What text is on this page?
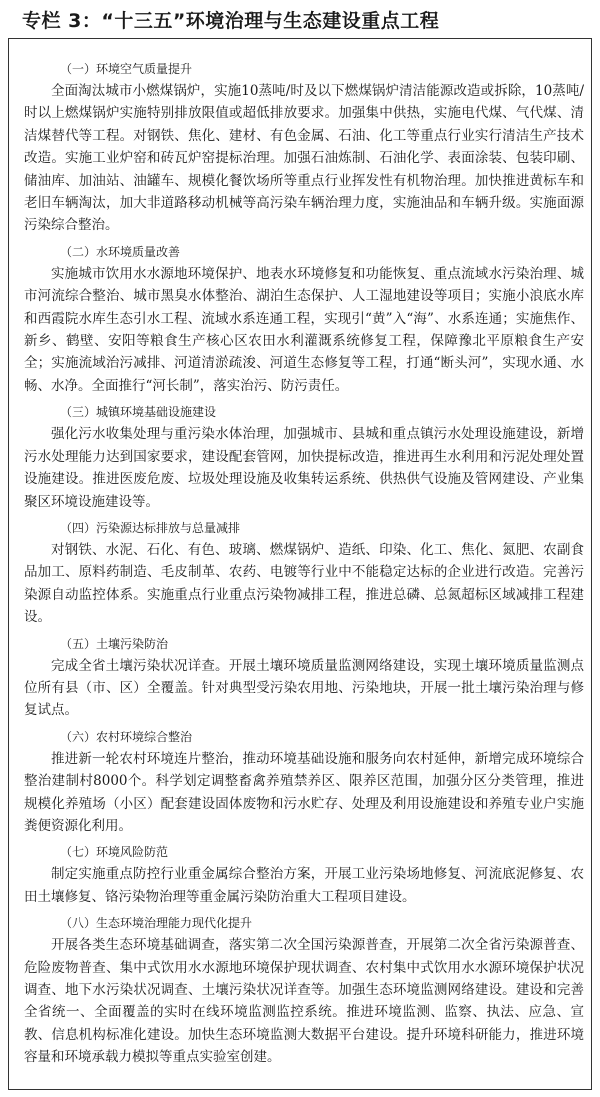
专栏 3：“十三五”环境治理与生态建设重点工程
（一）环境空气质量提升
全面淘汰城市小燃煤锅炉，实施10蒸吨/时及以下燃煤锅炉清洁能源改造或拆除，10蒸吨/时以上燃煤锅炉实施特别排放限值或超低排放要求。加强集中供热，实施电代煤、气代煤、清洁煤替代等工程。对钢铁、焦化、建材、有色金属、石油、化工等重点行业实行清洁生产技术改造。实施工业炉窑和砖瓦炉窑提标治理。加强石油炼制、石油化学、表面涂装、包装印刷、储油库、加油站、油罐车、规模化餐饮场所等重点行业挥发性有机物治理。加快推进黄标车和老旧车辆淘汰，加大非道路移动机械等高污染车辆治理力度，实施油品和车辆升级。实施面源污染综合整治。
（二）水环境质量改善
实施城市饮用水水源地环境保护、地表水环境修复和功能恢复、重点流域水污染治理、城市河流综合整治、城市黑臭水体整治、湖泊生态保护、人工湿地建设等项目；实施小浪底水库和西霞院水库生态引水工程、流域水系连通工程，实现引“黄”入“海”、水系连通；实施焦作、新乡、鹤壁、安阳等粮食生产核心区农田水利灌溉系统修复工程，保障豫北平原粮食生产安全；实施流域治污减排、河道清淤疏浚、河道生态修复等工程，打通“断头河”，实现水通、水畅、水净。全面推行“河长制”，落实治污、防污责任。
（三）城镇环境基础设施建设
强化污水收集处理与重污染水体治理，加强城市、县城和重点镇污水处理设施建设，新增污水处理能力达到国家要求，建设配套管网，加快提标改造，推进再生水利用和污泥处理处置设施建设。推进医废危废、垃圾处理设施及收集转运系统、供热供气设施及管网建设、产业集聚区环境设施建设等。
（四）污染源达标排放与总量减排
对钢铁、水泥、石化、有色、玻璃、燃煤锅炉、造纸、印染、化工、焦化、氮肥、农副食品加工、原料药制造、毛皮制革、农药、电镀等行业中不能稳定达标的企业进行改造。完善污染源自动监控体系。实施重点行业重点污染物减排工程，推进总磷、总氮超标区域减排工程建设。
（五）土壤污染防治
完成全省土壤污染状况详查。开展土壤环境质量监测网络建设，实现土壤环境质量监测点位所有县（市、区）全覆盖。针对典型受污染农用地、污染地块，开展一批土壤污染治理与修复试点。
（六）农村环境综合整治
推进新一轮农村环境连片整治，推动环境基础设施和服务向农村延伸，新增完成环境综合整治建制村8000个。科学划定调整畜禽养殖禁养区、限养区范围，加强分区分类管理，推进规模化养殖场（小区）配套建设固体废物和污水贮存、处理及利用设施建设和养殖专业户实施粪便资源化利用。
（七）环境风险防范
制定实施重点防控行业重金属综合整治方案，开展工业污染场地修复、河流底泥修复、农田土壤修复、铬污染物治理等重金属污染防治重大工程项目建设。
（八）生态环境治理能力现代化提升
开展各类生态环境基础调查，落实第二次全国污染源普查，开展第二次全省污染源普查、危险废物普查、集中式饮用水水源地环境保护现状调查、农村集中式饮用水水源环境保护状况调查、地下水污染状况调查、土壤污染状况详查等。加强生态环境监测网络建设。建设和完善全省统一、全面覆盖的实时在线环境监测监控系统。推进环境监测、监察、执法、应急、宣教、信息机构标准化建设。加快生态环境监测大数据平台建设。提升环境科研能力，推进环境容量和环境承载力模拟等重点实验室创建。
